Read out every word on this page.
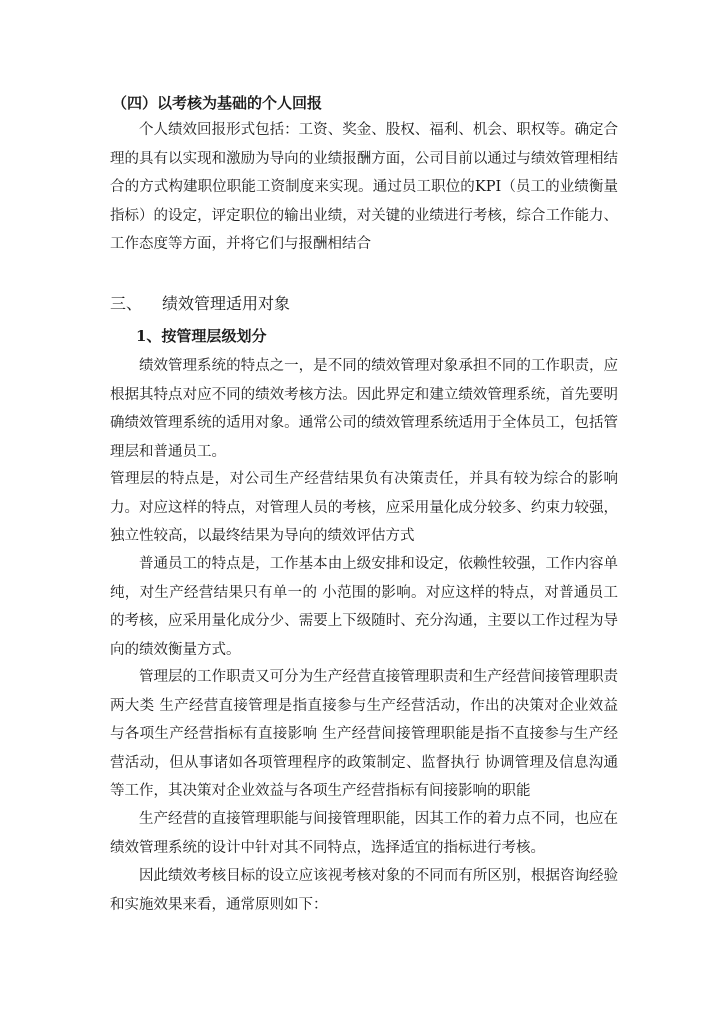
（四）以考核为基础的个人回报

个人绩效回报形式包括：工资、奖金、股权、福利、机会、职权等。确定合理的具有以实现和激励为导向的业绩报酬方面，公司目前以通过与绩效管理相结合的方式构建职位职能工资制度来实现。通过员工职位的KPI（员工的业绩衡量指标）的设定，评定职位的输出业绩，对关键的业绩进行考核，综合工作能力、工作态度等方面，并将它们与报酬相结合

三、 绩效管理适用对象
1、按管理层级划分

绩效管理系统的特点之一，是不同的绩效管理对象承担不同的工作职责，应根据其特点对应不同的绩效考核方法。因此界定和建立绩效管理系统，首先要明确绩效管理系统的适用对象。通常公司的绩效管理系统适用于全体员工，包括管理层和普通员工。

管理层的特点是，对公司生产经营结果负有决策责任，并具有较为综合的影响力。对应这样的特点，对管理人员的考核，应采用量化成分较多、约束力较强，独立性较高，以最终结果为导向的绩效评估方式

普通员工的特点是，工作基本由上级安排和设定，依赖性较强，工作内容单纯，对生产经营结果只有单一的 小范围的影响。对应这样的特点，对普通员工的考核，应采用量化成分少、需要上下级随时、充分沟通，主要以工作过程为导向的绩效衡量方式。

管理层的工作职责又可分为生产经营直接管理职责和生产经营间接管理职责两大类 生产经营直接管理是指直接参与生产经营活动，作出的决策对企业效益与各项生产经营指标有直接影响 生产经营间接管理职能是指不直接参与生产经营活动，但从事诸如各项管理程序的政策制定、监督执行 协调管理及信息沟通等工作，其决策对企业效益与各项生产经营指标有间接影响的职能

生产经营的直接管理职能与间接管理职能，因其工作的着力点不同，也应在绩效管理系统的设计中针对其不同特点，选择适宜的指标进行考核。

因此绩效考核目标的设立应该视考核对象的不同而有所区别，根据咨询经验和实施效果来看，通常原则如下：
